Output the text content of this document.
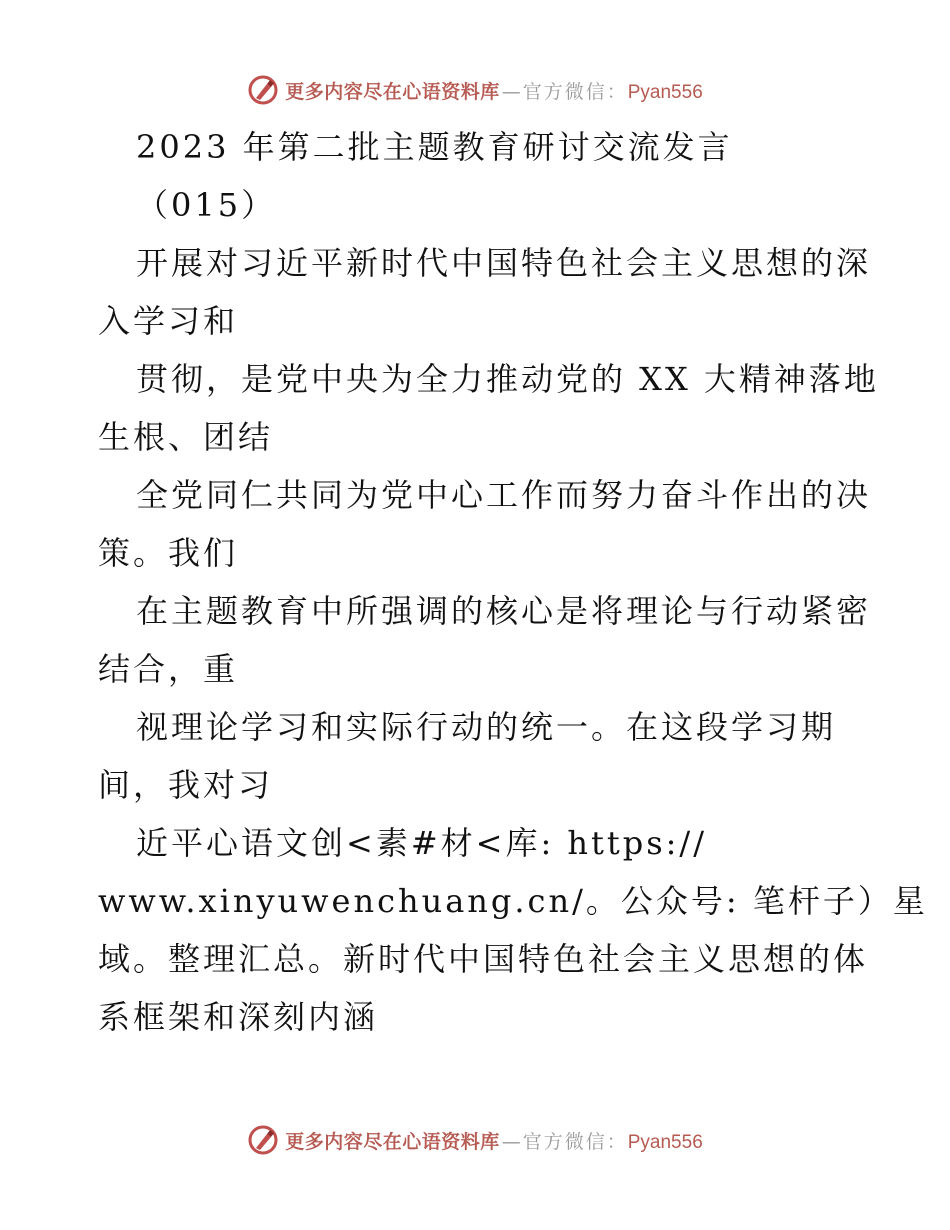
更多内容尽在心语资料库 — 官方微信： Pyan556
2023 年第二批主题教育研讨交流发言
（015）
开展对习近平新时代中国特色社会主义思想的深
入学习和
贯彻，是党中央为全力推动党的 XX 大精神落地
生根、团结
全党同仁共同为党中心工作而努力奋斗作出的决
策。我们
在主题教育中所强调的核心是将理论与行动紧密
结合，重
视理论学习和实际行动的统一。在这段学习期
间，我对习
近平心语文创<素#材<库: https://
www.xinyuwenchuang.cn/。公众号: 笔杆子）星
域。整理汇总。新时代中国特色社会主义思想的体
系框架和深刻内涵
更多内容尽在心语资料库 — 官方微信： Pyan556
